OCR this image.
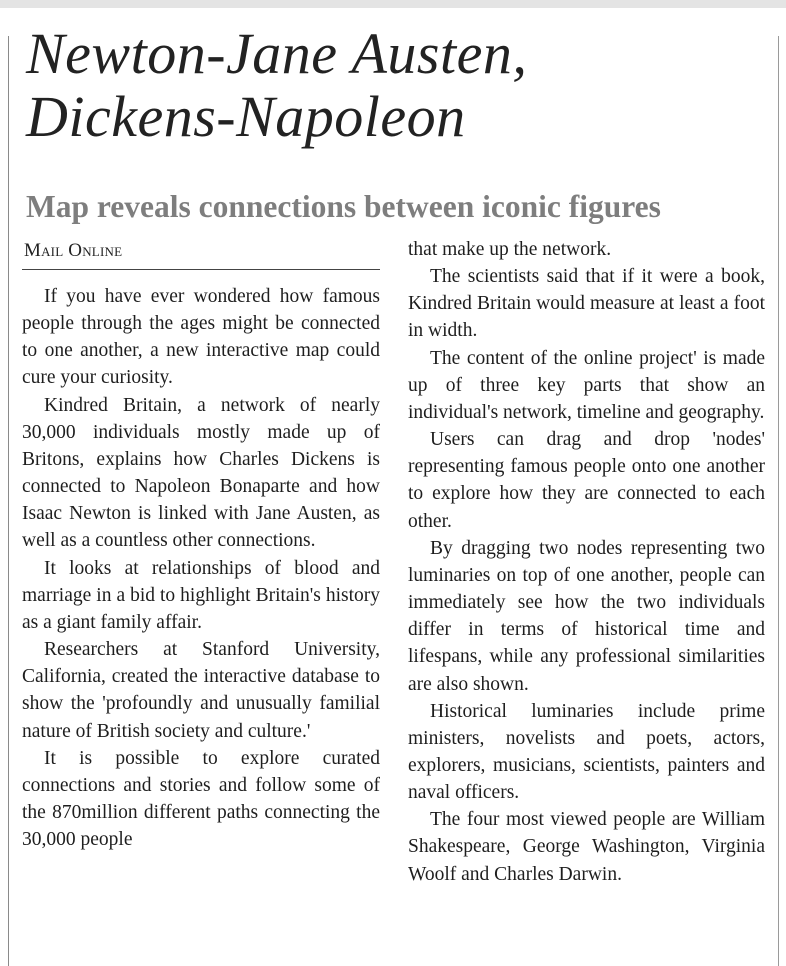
Newton-Jane Austen,
Dickens-Napoleon
Map reveals connections between iconic figures
Mail Online

If you have ever wondered how famous people through the ages might be connected to one another, a new interactive map could cure your curiosity.

Kindred Britain, a network of nearly 30,000 individuals mostly made up of Britons, explains how Charles Dickens is connected to Napoleon Bonaparte and how Isaac Newton is linked with Jane Austen, as well as a countless other connections.

It looks at relationships of blood and marriage in a bid to highlight Britain's history as a giant family affair.

Researchers at Stanford University, California, created the interactive database to show the 'profoundly and unusually familial nature of British society and culture.'

It is possible to explore curated connections and stories and follow some of the 870million different paths connecting the 30,000 people

that make up the network.

The scientists said that if it were a book, Kindred Britain would measure at least a foot in width.

The content of the online project' is made up of three key parts that show an individual's network, timeline and geography.

Users can drag and drop 'nodes' representing famous people onto one another to explore how they are connected to each other.

By dragging two nodes representing two luminaries on top of one another, people can immediately see how the two individuals differ in terms of historical time and lifespans, while any professional similarities are also shown.

Historical luminaries include prime ministers, novelists and poets, actors, explorers, musicians, scientists, painters and naval officers.

The four most viewed people are William Shakespeare, George Washington, Virginia Woolf and Charles Darwin.
